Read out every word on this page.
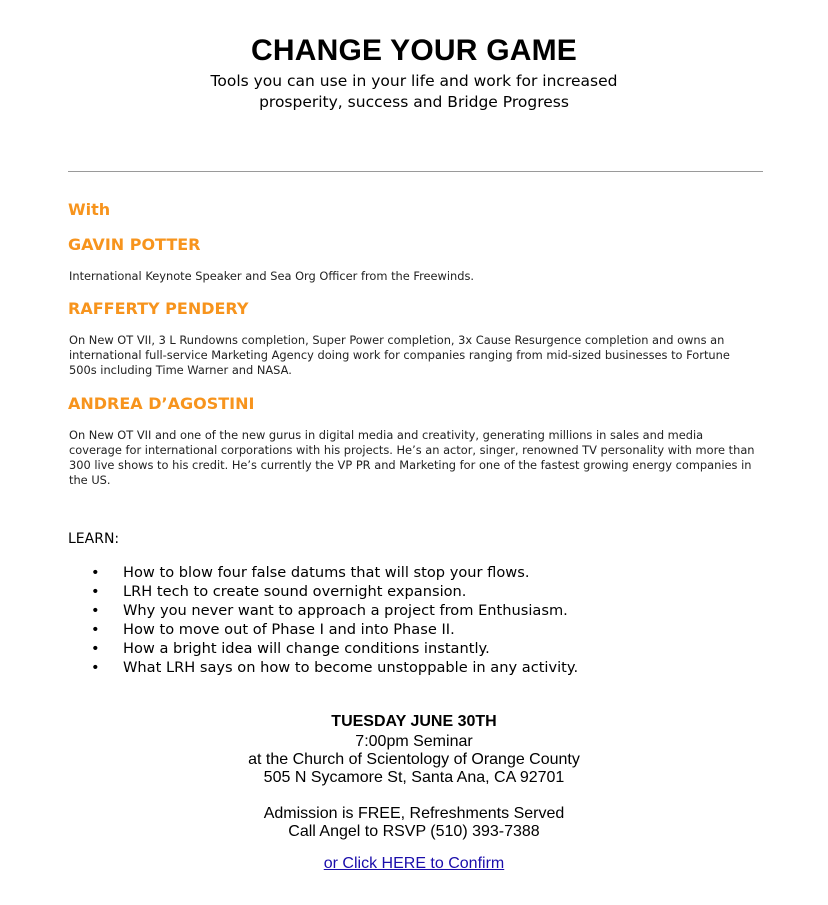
CHANGE YOUR GAME
Tools you can use in your life and work for increased
prosperity, success and Bridge Progress
With
GAVIN POTTER
International Keynote Speaker and Sea Org Officer from the Freewinds.
RAFFERTY PENDERY
On New OT VII, 3 L Rundowns completion, Super Power completion, 3x Cause Resurgence completion and owns an international full-service Marketing Agency doing work for companies ranging from mid-sized businesses to Fortune 500s including Time Warner and NASA.
ANDREA D’AGOSTINI
On New OT VII and one of the new gurus in digital media and creativity, generating millions in sales and media coverage for international corporations with his projects. He’s an actor, singer, renowned TV personality with more than 300 live shows to his credit. He’s currently the VP PR and Marketing for one of the fastest growing energy companies in the US.
LEARN:
• How to blow four false datums that will stop your flows.
• LRH tech to create sound overnight expansion.
• Why you never want to approach a project from Enthusiasm.
• How to move out of Phase I and into Phase II.
• How a bright idea will change conditions instantly.
• What LRH says on how to become unstoppable in any activity.
TUESDAY JUNE 30TH
7:00pm Seminar
at the Church of Scientology of Orange County
505 N Sycamore St, Santa Ana, CA 92701
Admission is FREE, Refreshments Served
Call Angel to RSVP (510) 393-7388
or Click HERE to Confirm
